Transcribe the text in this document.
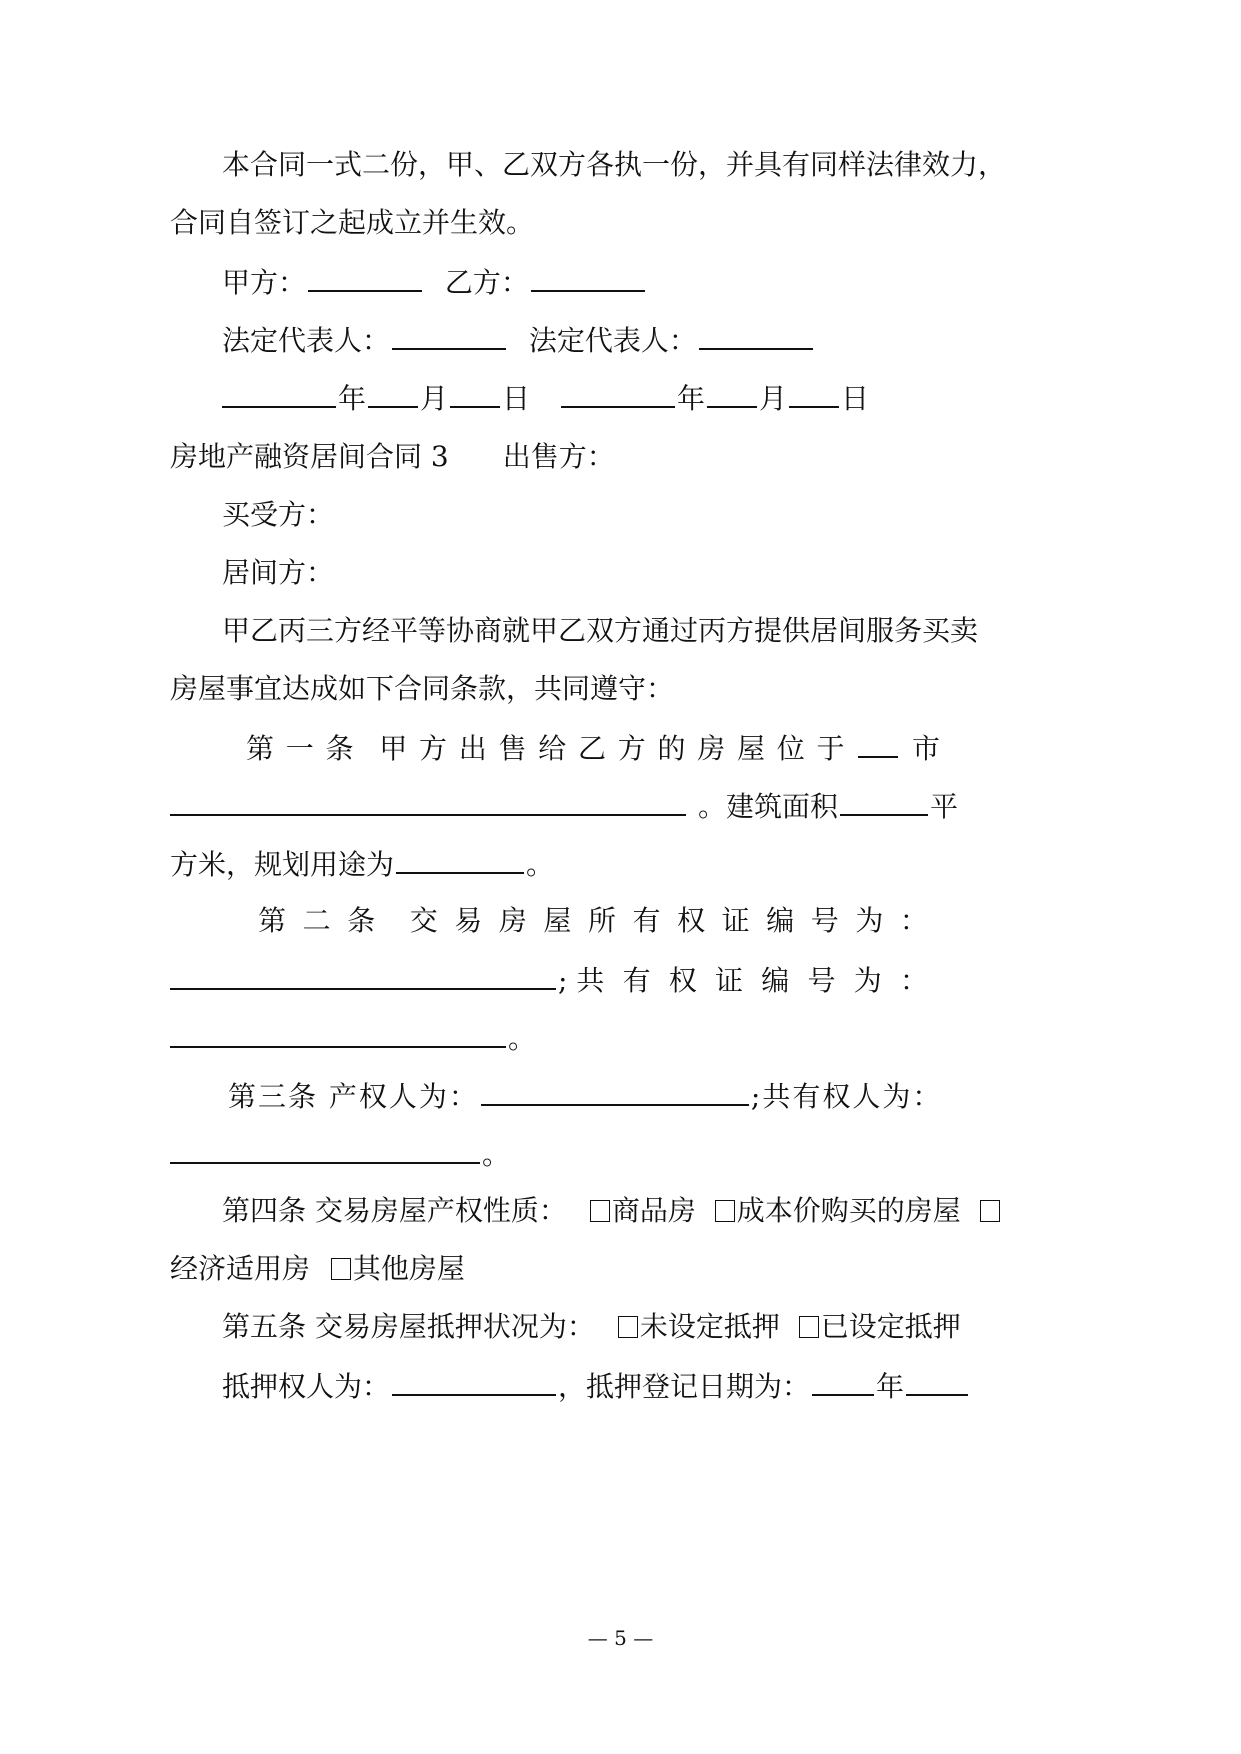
本合同一式二份，甲、乙双方各执一份，并具有同样法律效力，
合同自签订之起成立并生效。
甲方：	乙方：
法定代表人：	法定代表人：
年 月 日	年 月 日
房地产融资居间合同 3 出售方：
买受方：
居间方：
甲乙丙三方经平等协商就甲乙双方通过丙方提供居间服务买卖
房屋事宜达成如下合同条款，共同遵守：
第 一 条 甲 方 出 售 给 乙 方 的 房 屋 位 于 市
。建筑面积	平
方米，规划用途为	。
第 二 条 交 易 房 屋 所 有 权 证 编 号 为 ：
; 共 有 权 证 编 号 为 ：
。
第三条 产权人为：	;共有权人为：
。
第四条 交易房屋产权性质： 商品房 成本价购买的房屋
经济适用房 其他房屋
第五条 交易房屋抵押状况为： 未设定抵押 已设定抵押
抵押权人为：	，抵押登记日期为： 年
— 5 —
